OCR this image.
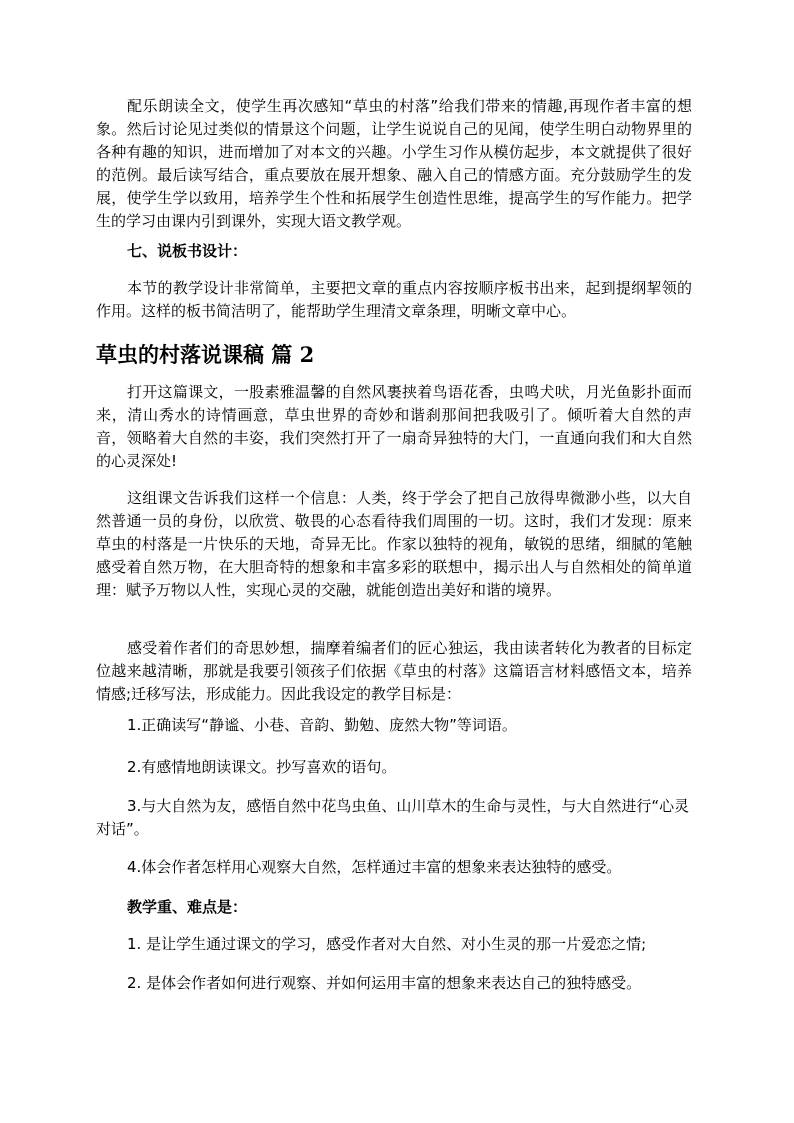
配乐朗读全文，使学生再次感知“草虫的村落”给我们带来的情趣,再现作者丰富的想象。然后讨论见过类似的情景这个问题，让学生说说自己的见闻，使学生明白动物界里的各种有趣的知识，进而增加了对本文的兴趣。小学生习作从模仿起步，本文就提供了很好的范例。最后读写结合，重点要放在展开想象、融入自己的情感方面。充分鼓励学生的发展，使学生学以致用，培养学生个性和拓展学生创造性思维，提高学生的写作能力。把学生的学习由课内引到课外，实现大语文教学观。

七、说板书设计：

本节的教学设计非常简单，主要把文章的重点内容按顺序板书出来，起到提纲挈领的作用。这样的板书简洁明了，能帮助学生理清文章条理，明晰文章中心。

草虫的村落说课稿 篇 2

打开这篇课文，一股素雅温馨的自然风裹挟着鸟语花香，虫鸣犬吠，月光鱼影扑面而来，清山秀水的诗情画意，草虫世界的奇妙和谐刹那间把我吸引了。倾听着大自然的声音，领略着大自然的丰姿，我们突然打开了一扇奇异独特的大门，一直通向我们和大自然的心灵深处!

这组课文告诉我们这样一个信息：人类，终于学会了把自己放得卑微渺小些，以大自然普通一员的身份，以欣赏、敬畏的心态看待我们周围的一切。这时，我们才发现：原来草虫的村落是一片快乐的天地，奇异无比。作家以独特的视角，敏锐的思绪，细腻的笔触感受着自然万物，在大胆奇特的想象和丰富多彩的联想中，揭示出人与自然相处的简单道理：赋予万物以人性，实现心灵的交融，就能创造出美好和谐的境界。

感受着作者们的奇思妙想，揣摩着编者们的匠心独运，我由读者转化为教者的目标定位越来越清晰，那就是我要引领孩子们依据《草虫的村落》这篇语言材料感悟文本，培养情感;迁移写法，形成能力。因此我设定的教学目标是：

1.正确读写“静谧、小巷、音韵、勤勉、庞然大物”等词语。

2.有感情地朗读课文。抄写喜欢的语句。

3.与大自然为友，感悟自然中花鸟虫鱼、山川草木的生命与灵性，与大自然进行“心灵对话”。

4.体会作者怎样用心观察大自然，怎样通过丰富的想象来表达独特的感受。

教学重、难点是：

1. 是让学生通过课文的学习，感受作者对大自然、对小生灵的那一片爱恋之情;

2. 是体会作者如何进行观察、并如何运用丰富的想象来表达自己的独特感受。
